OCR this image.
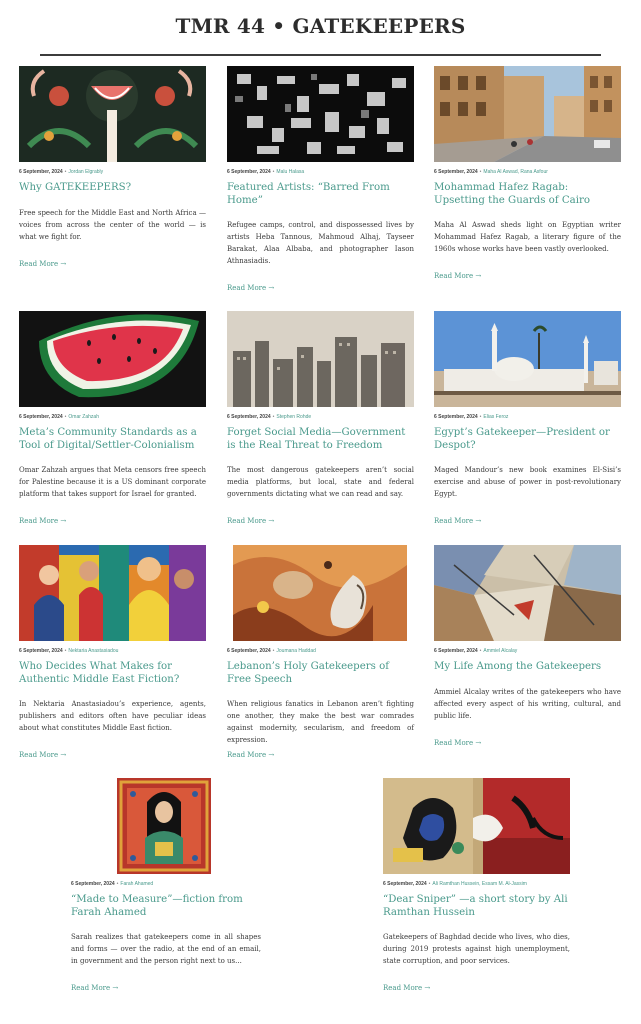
TMR 44 • GATEKEEPERS
6 September, 2024 • Jordan Elgrably
Why GATEKEEPERS?

Free speech for the Middle East and North Africa — voices from across the center of the world — is what we fight for.

Read More →
6 September, 2024 • Malu Halasa
Featured Artists: “Barred From Home”

Refugee camps, control, and dispossessed lives by artists Heba Tannous, Mahmoud Alhaj, Tayseer Barakat, Alaa Albaba, and photographer Iason Athnasiadis.

Read More →
6 September, 2024 • Maha Al Aswad, Rana Asfour
Mohammad Hafez Ragab: Upsetting the Guards of Cairo

Maha Al Aswad sheds light on Egyptian writer Mohammad Hafez Ragab, a literary figure of the 1960s whose works have been vastly overlooked.

Read More →
6 September, 2024 • Omar Zahzah
Meta’s Community Standards as a Tool of Digital/Settler-Colonialism

Omar Zahzah argues that Meta censors free speech for Palestine because it is a US dominant corporate platform that takes support for Israel for granted.

Read More →
6 September, 2024 • Stephen Rohde
Forget Social Media—Government is the Real Threat to Freedom

The most dangerous gatekeepers aren’t social media platforms, but local, state and federal governments dictating what we can read and say.

Read More →
6 September, 2024 • Elias Feroz
Egypt’s Gatekeeper—President or Despot?

Maged Mandour’s new book examines El-Sisi’s exercise and abuse of power in post-revolutionary Egypt.

Read More →
6 September, 2024 • Nektaria Anastasiadou
Who Decides What Makes for Authentic Middle East Fiction?

In Nektaria Anastasiadou’s experience, agents, publishers and editors often have peculiar ideas about what constitutes Middle East fiction.

Read More →
6 September, 2024 • Joumana Haddad
Lebanon’s Holy Gatekeepers of Free Speech

When religious fanatics in Lebanon aren’t fighting one another, they make the best war comrades against modernity, secularism, and freedom of expression.

Read More →
6 September, 2024 • Ammiel Alcalay
My Life Among the Gatekeepers

Ammiel Alcalay writes of the gatekeepers who have affected every aspect of his writing, cultural, and public life.

Read More →
6 September, 2024 • Farah Ahamed
“Made to Measure”—fiction from Farah Ahamed

Sarah realizes that gatekeepers come in all shapes and forms — over the radio, at the end of an email, in government and the person right next to us...

Read More →
6 September, 2024 • Ali Ramthan Hussein, Essam M. Al-Jassim
“Dear Sniper” —a short story by Ali Ramthan Hussein

Gatekeepers of Baghdad decide who lives, who dies, during 2019 protests against high unemployment, state corruption, and poor services.

Read More →
